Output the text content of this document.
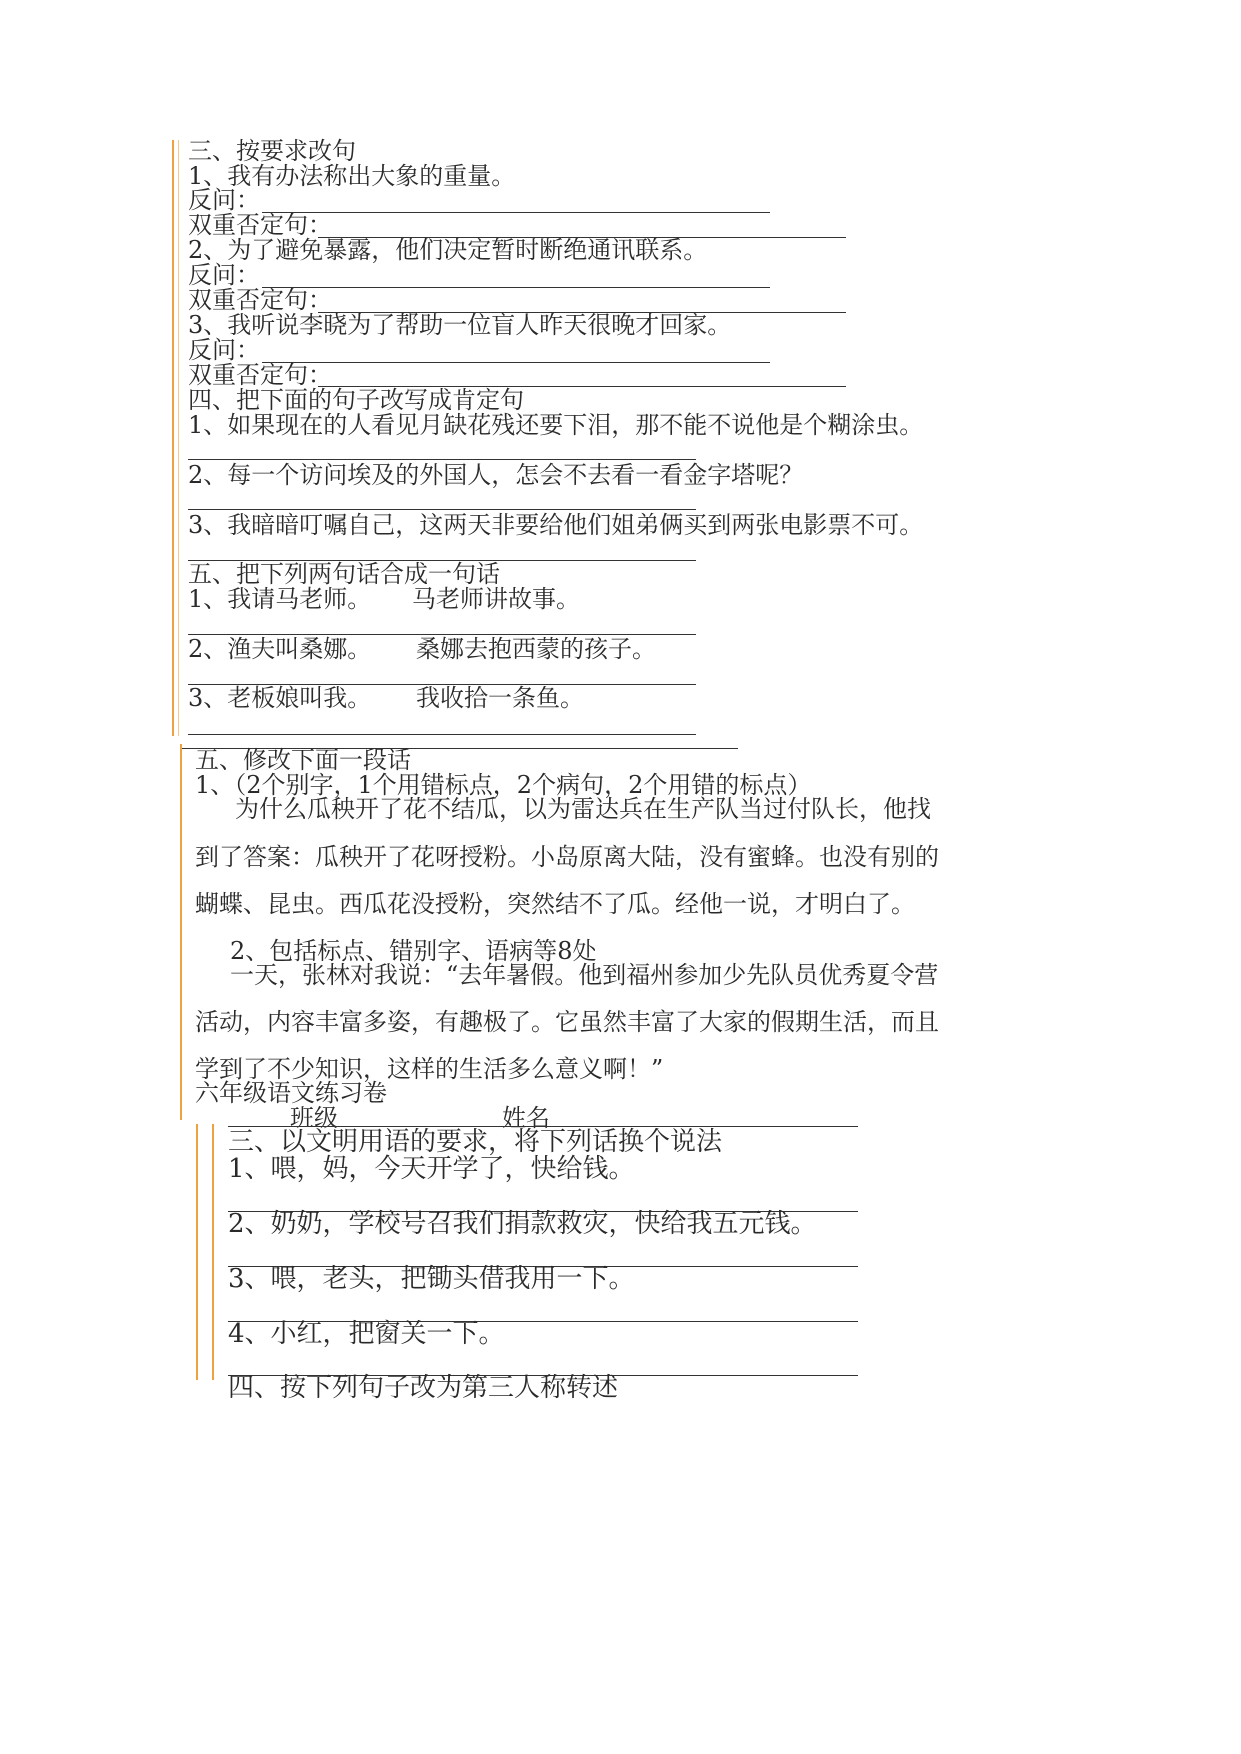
三、按要求改句
1、我有办法称出大象的重量。
反问：
双重否定句：
2、为了避免暴露，他们决定暂时断绝通讯联系。
反问：
双重否定句：
3、我听说李晓为了帮助一位盲人昨天很晚才回家。
反问：
双重否定句：
四、把下面的句子改写成肯定句
1、如果现在的人看见月缺花残还要下泪，那不能不说他是个糊涂虫。
2、每一个访问埃及的外国人，怎会不去看一看金字塔呢？
3、我暗暗叮嘱自己，这两天非要给他们姐弟俩买到两张电影票不可。
五、把下列两句话合成一句话
1、我请马老师。 马老师讲故事。
2、渔夫叫桑娜。 桑娜去抱西蒙的孩子。
3、老板娘叫我。 我收拾一条鱼。
五、修改下面一段话
1、（2个别字，1个用错标点，2个病句，2个用错的标点）
为什么瓜秧开了花不结瓜，以为雷达兵在生产队当过付队长，他找
到了答案：瓜秧开了花呀授粉。小岛原离大陆，没有蜜蜂。也没有别的
蝴蝶、昆虫。西瓜花没授粉，突然结不了瓜。经他一说，才明白了。
2、包括标点、错别字、语病等8处
一天，张林对我说：“去年暑假。他到福州参加少先队员优秀夏令营
活动，内容丰富多姿，有趣极了。它虽然丰富了大家的假期生活，而且
学到了不少知识，这样的生活多么意义啊！”
六年级语文练习卷
班级	姓名
三、以文明用语的要求，将下列话换个说法
1、喂，妈，今天开学了，快给钱。
2、奶奶，学校号召我们捐款救灾，快给我五元钱。
3、喂，老头，把锄头借我用一下。
4、小红，把窗关一下。
四、按下列句子改为第三人称转述
